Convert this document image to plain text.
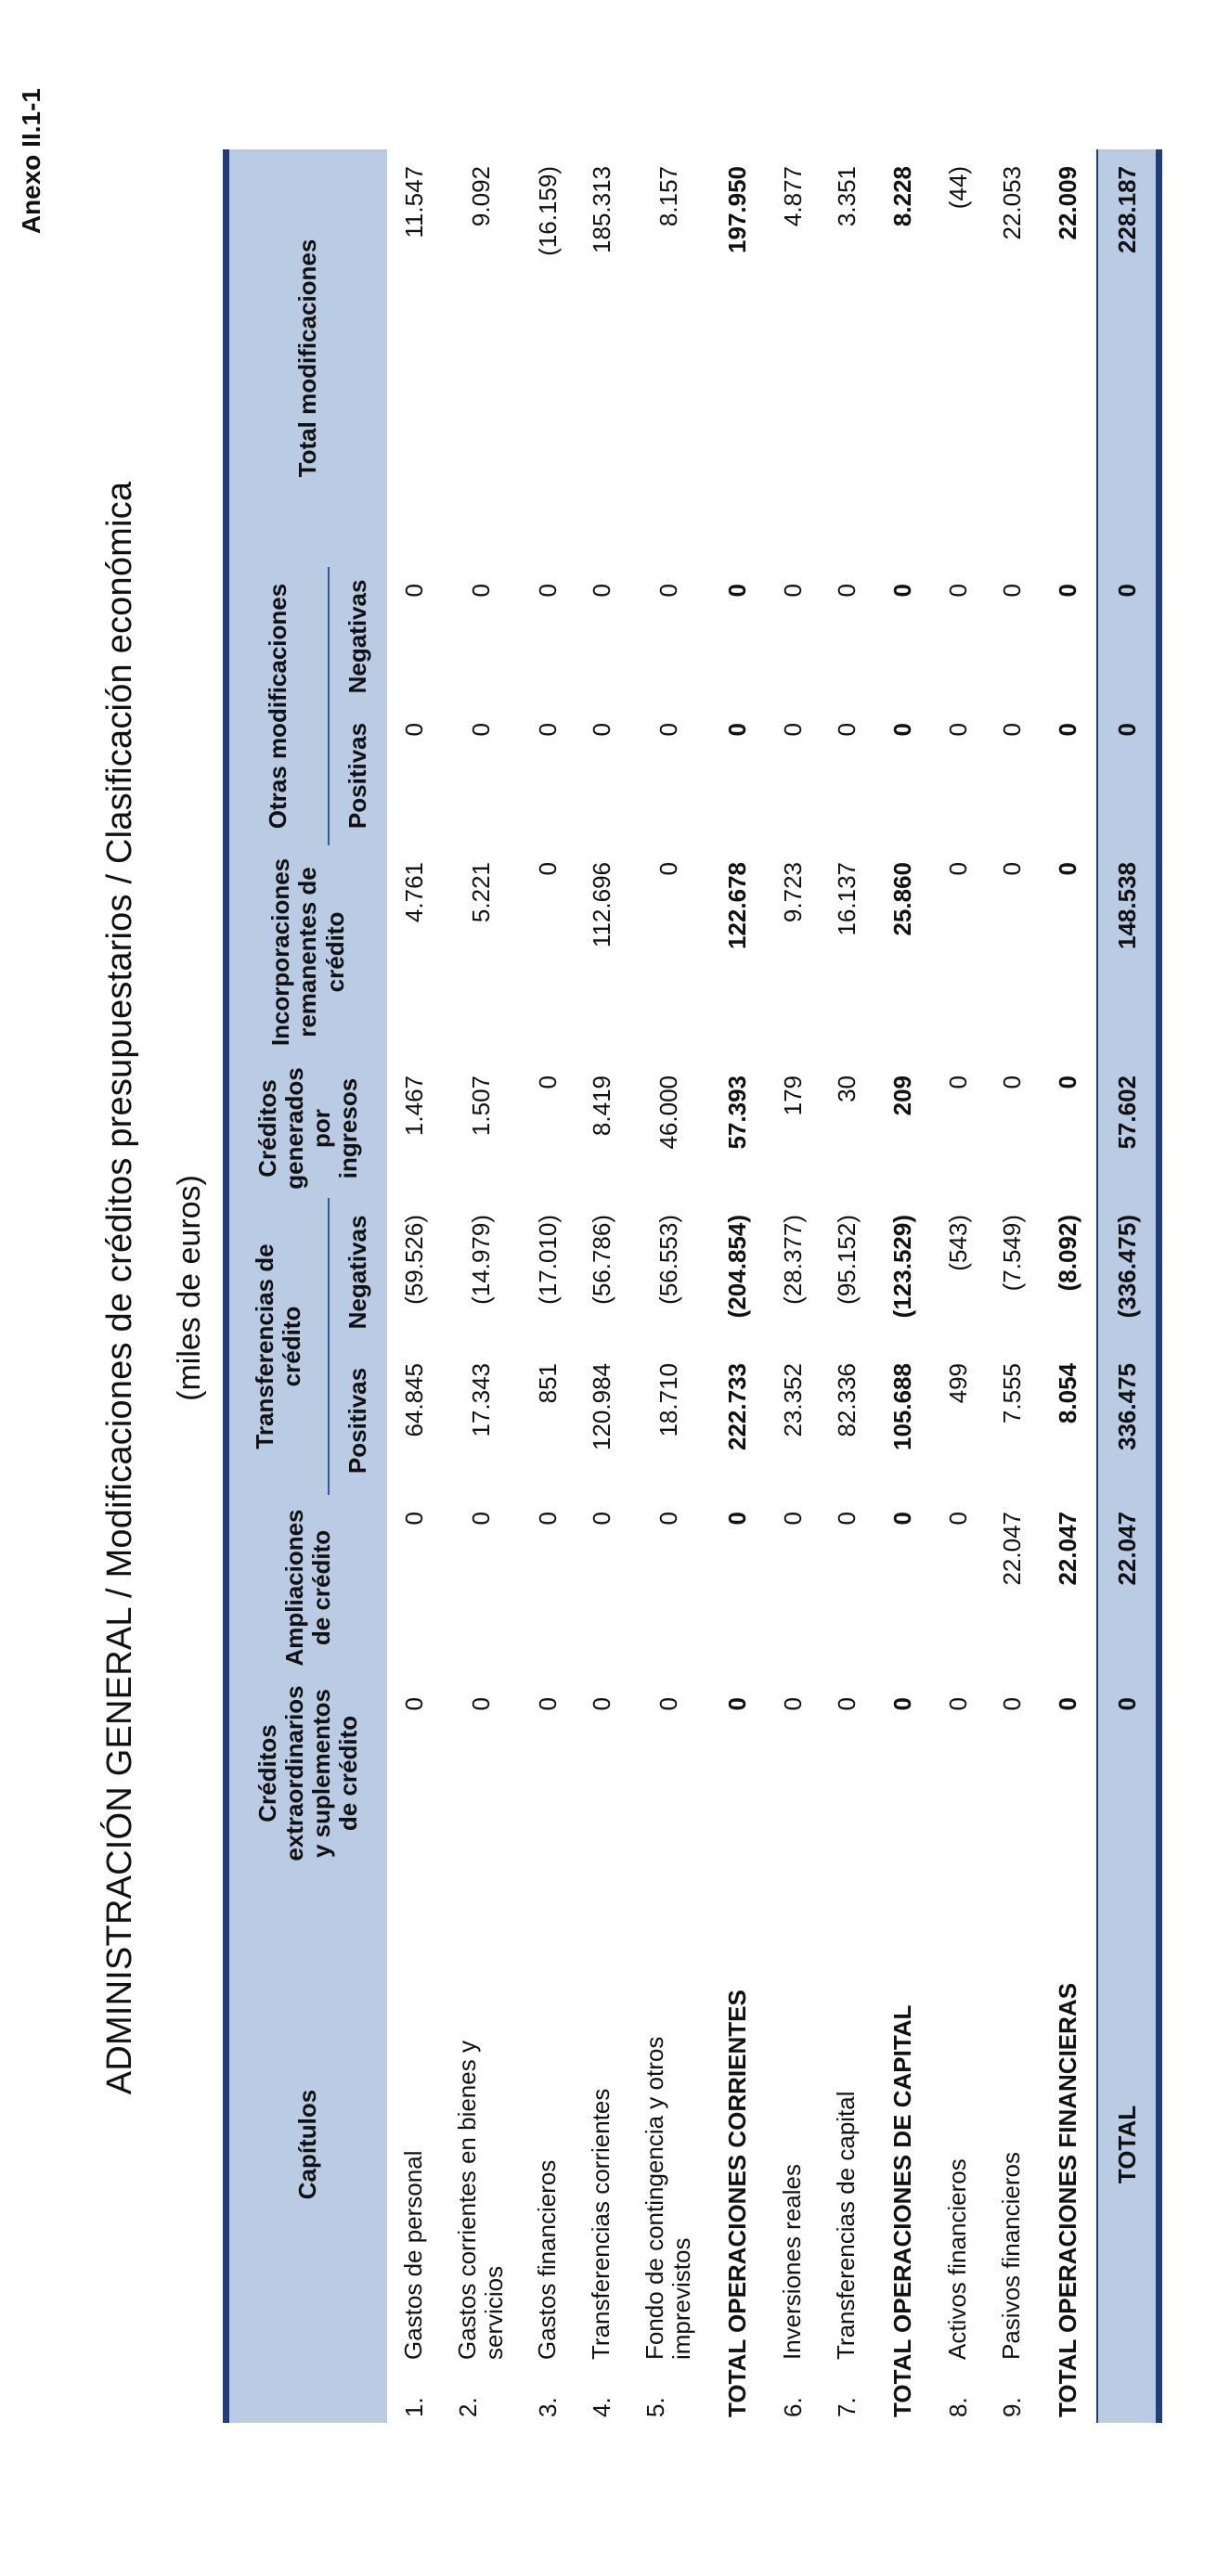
Anexo II.1-1
ADMINISTRACIÓN GENERAL / Modificaciones de créditos presupuestarios / Clasificación económica (miles de euros)
Capítulos	Créditos extraordinarios y suplementos de crédito	Ampliaciones de crédito	Transferencias de crédito		Créditos generados por ingresos	Incorporaciones remanentes de crédito	Otras modificaciones		Total modificaciones
			Positivas	Negativas			Positivas	Negativas	
1.Gastos de personal	0	0	64.845	(59.526)	1.467	4.761	0	0	11.547
2.Gastos corrientes en bienes y servicios	0	0	17.343	(14.979)	1.507	5.221	0	0	9.092
3.Gastos financieros	0	0	851	(17.010)	0	0	0	0	(16.159)
4.Transferencias corrientes	0	0	120.984	(56.786)	8.419	112.696	0	0	185.313
5.Fondo de contingencia y otros imprevistos	0	0	18.710	(56.553)	46.000	0	0	0	8.157
TOTAL OPERACIONES CORRIENTES	0	0	222.733	(204.854)	57.393	122.678	0	0	197.950
6.Inversiones reales	0	0	23.352	(28.377)	179	9.723	0	0	4.877
7.Transferencias de capital	0	0	82.336	(95.152)	30	16.137	0	0	3.351
TOTAL OPERACIONES DE CAPITAL	0	0	105.688	(123.529)	209	25.860	0	0	8.228
8.Activos financieros	0	0	499	(543)	0	0	0	0	(44)
9.Pasivos financieros	0	22.047	7.555	(7.549)	0	0	0	0	22.053
TOTAL OPERACIONES FINANCIERAS	0	22.047	8.054	(8.092)	0	0	0	0	22.009
TOTAL	0	22.047	336.475	(336.475)	57.602	148.538	0	0	228.187
